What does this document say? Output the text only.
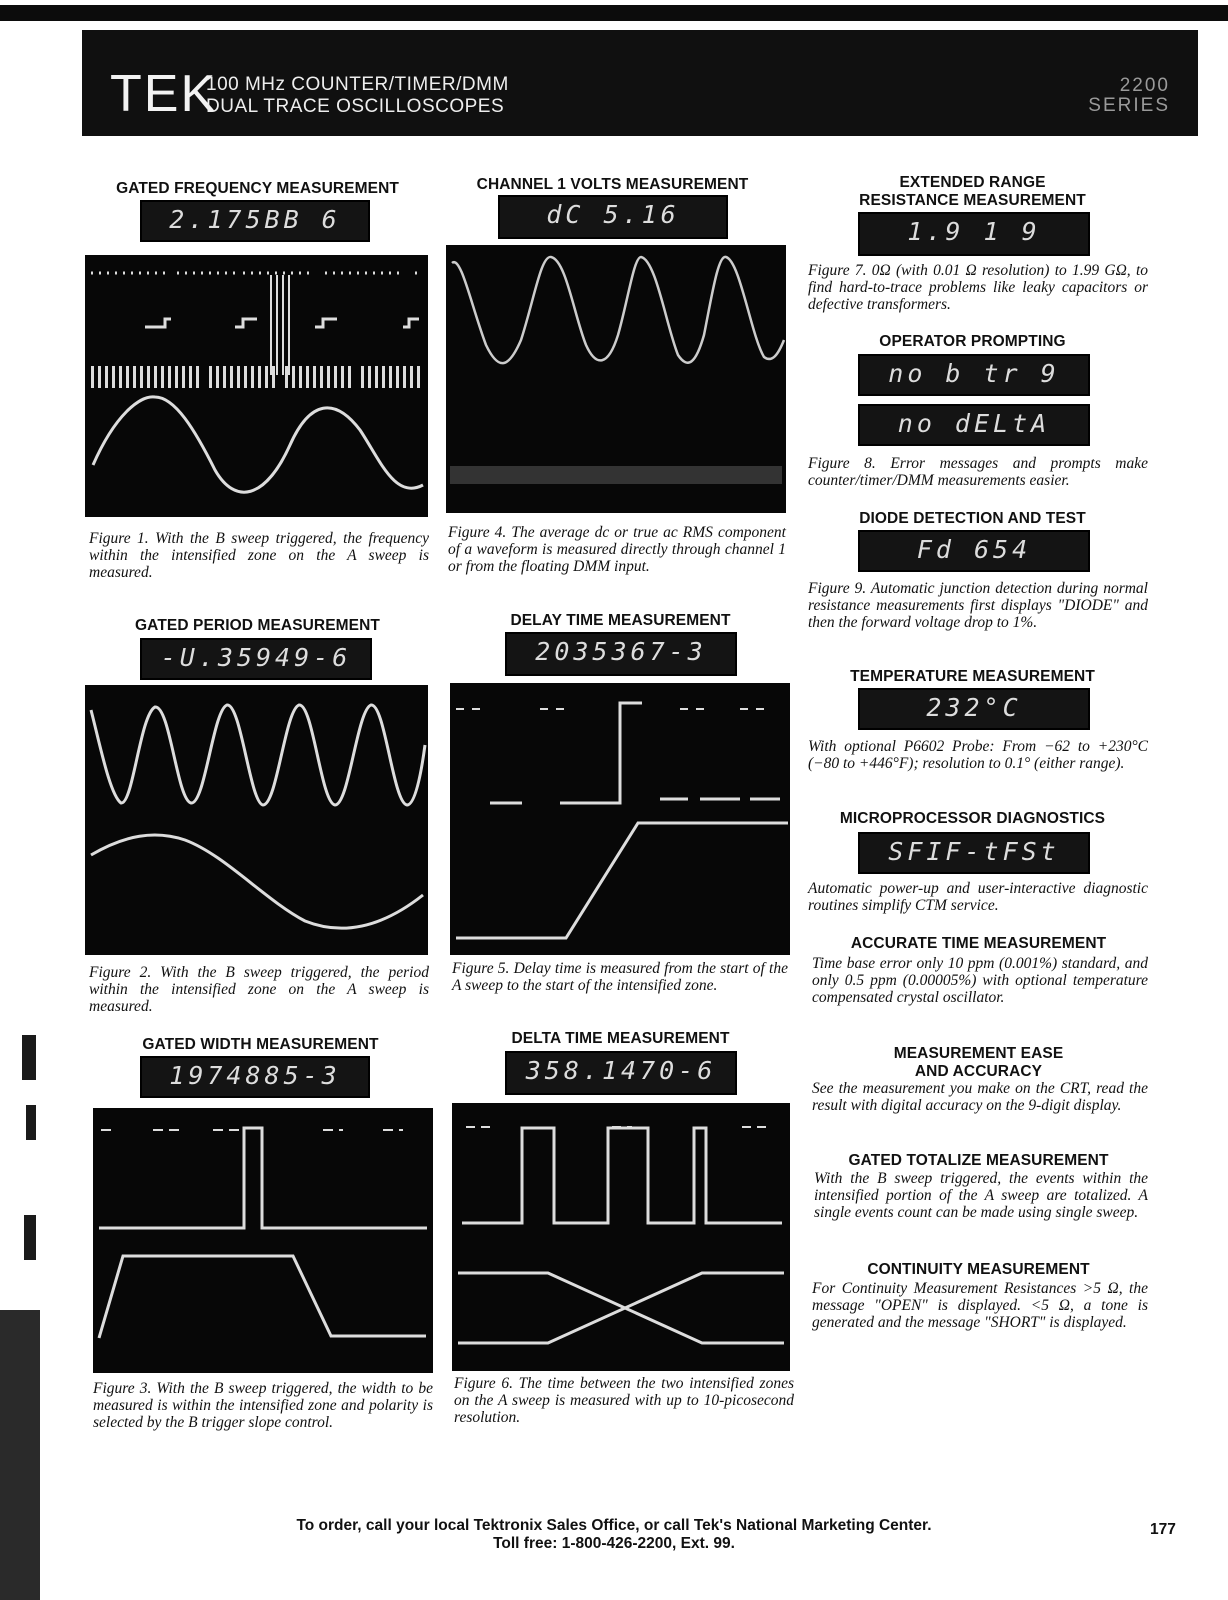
TEK
100 MHz COUNTER/TIMER/DMM
DUAL TRACE OSCILLOSCOPES
2200
SERIES
GATED FREQUENCY MEASUREMENT
2.175BB 6
Figure 1. With the B sweep triggered, the frequency within the intensified zone on the A sweep is measured.
GATED PERIOD MEASUREMENT
-U.35949-6
Figure 2. With the B sweep triggered, the period within the intensified zone on the A sweep is measured.
GATED WIDTH MEASUREMENT
1974885-3
Figure 3. With the B sweep triggered, the width to be measured is within the intensified zone and polarity is selected by the B trigger slope control.
CHANNEL 1 VOLTS MEASUREMENT
dC 5.16
Figure 4. The average dc or true ac RMS component of a waveform is measured directly through channel 1 or from the floating DMM input.
DELAY TIME MEASUREMENT
2035367-3
Figure 5. Delay time is measured from the start of the A sweep to the start of the intensified zone.
DELTA TIME MEASUREMENT
358.1470-6
Figure 6. The time between the two intensified zones on the A sweep is measured with up to 10-picosecond resolution.
EXTENDED RANGE
RESISTANCE MEASUREMENT
1.9 1 9
Figure 7. 0Ω (with 0.01 Ω resolution) to 1.99 GΩ, to find hard-to-trace problems like leaky capacitors or defective transformers.
OPERATOR PROMPTING
no b tr 9
no dELtA
Figure 8. Error messages and prompts make counter/timer/DMM measurements easier.
DIODE DETECTION AND TEST
Fd 654
Figure 9. Automatic junction detection during normal resistance measurements first displays "DIODE" and then the forward voltage drop to 1%.
TEMPERATURE MEASUREMENT
232°C
With optional P6602 Probe: From −62 to +230°C (−80 to +446°F); resolution to 0.1° (either range).
MICROPROCESSOR DIAGNOSTICS
SFIF-tFSt
Automatic power-up and user-interactive diagnostic routines simplify CTM service.
ACCURATE TIME MEASUREMENT
Time base error only 10 ppm (0.001%) standard, and only 0.5 ppm (0.00005%) with optional temperature compensated crystal oscillator.
MEASUREMENT EASE
AND ACCURACY
See the measurement you make on the CRT, read the result with digital accuracy on the 9-digit display.
GATED TOTALIZE MEASUREMENT
With the B sweep triggered, the events within the intensified portion of the A sweep are totalized. A single events count can be made using single sweep.
CONTINUITY MEASUREMENT
For Continuity Measurement Resistances >5 Ω, the message "OPEN" is displayed. <5 Ω, a tone is generated and the message "SHORT" is displayed.
To order, call your local Tektronix Sales Office, or call Tek's National Marketing Center.
Toll free: 1-800-426-2200, Ext. 99.
177
